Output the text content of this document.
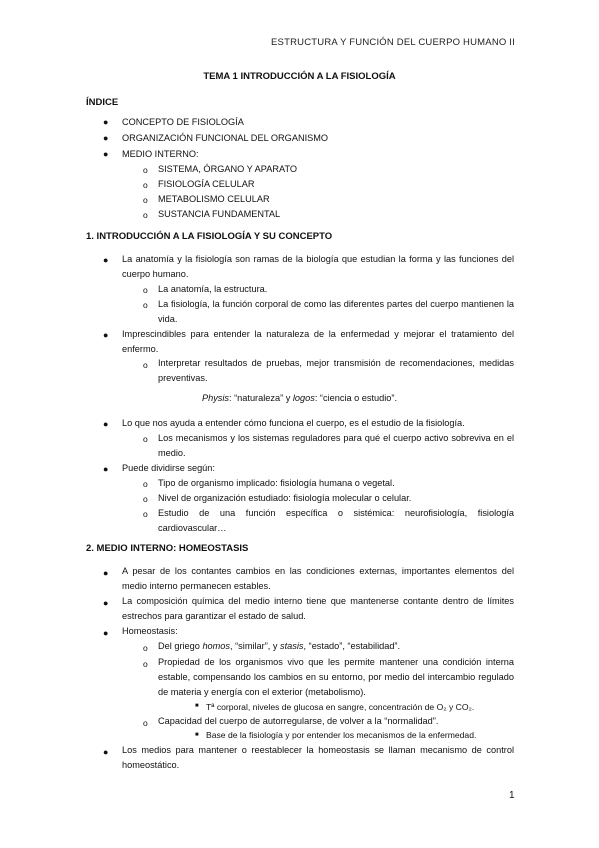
ESTRUCTURA Y FUNCIÓN DEL CUERPO HUMANO II
TEMA 1 INTRODUCCIÓN A LA FISIOLOGÍA
ÍNDICE
● CONCEPTO DE FISIOLOGÍA
● ORGANIZACIÓN FUNCIONAL DEL ORGANISMO
● MEDIO INTERNO:
o SISTEMA, ÓRGANO Y APARATO
o FISIOLOGÍA CELULAR
o METABOLISMO CELULAR
o SUSTANCIA FUNDAMENTAL
1. INTRODUCCIÓN A LA FISIOLOGÍA Y SU CONCEPTO
● La anatomía y la fisiología son ramas de la biología que estudian la forma y las funciones del cuerpo humano.
o La anatomía, la estructura.
o La fisiología, la función corporal de como las diferentes partes del cuerpo mantienen la vida.
● Imprescindibles para entender la naturaleza de la enfermedad y mejorar el tratamiento del enfermo.
o Interpretar resultados de pruebas, mejor transmisión de recomendaciones, medidas preventivas.
Physis: “naturaleza” y logos: “ciencia o estudio”.
● Lo que nos ayuda a entender cómo funciona el cuerpo, es el estudio de la fisiología.
o Los mecanismos y los sistemas reguladores para qué el cuerpo activo sobreviva en el medio.
● Puede dividirse según:
o Tipo de organismo implicado: fisiología humana o vegetal.
o Nivel de organización estudiado: fisiología molecular o celular.
o Estudio de una función específica o sistémica: neurofisiología, fisiología cardiovascular…
2. MEDIO INTERNO: HOMEOSTASIS
● A pesar de los contantes cambios en las condiciones externas, importantes elementos del medio interno permanecen estables.
● La composición química del medio interno tiene que mantenerse contante dentro de límites estrechos para garantizar el estado de salud.
● Homeostasis:
o Del griego homos, “similar”, y stasis, “estado”, “estabilidad”.
o Propiedad de los organismos vivo que les permite mantener una condición interna estable, compensando los cambios en su entorno, por medio del intercambio regulado de materia y energía con el exterior (metabolismo).
■ Tª corporal, niveles de glucosa en sangre, concentración de O₂ y CO₂.
o Capacidad del cuerpo de autorregularse, de volver a la “normalidad”.
■ Base de la fisiología y por entender los mecanismos de la enfermedad.
● Los medios para mantener o reestablecer la homeostasis se llaman mecanismo de control homeostático.
1
